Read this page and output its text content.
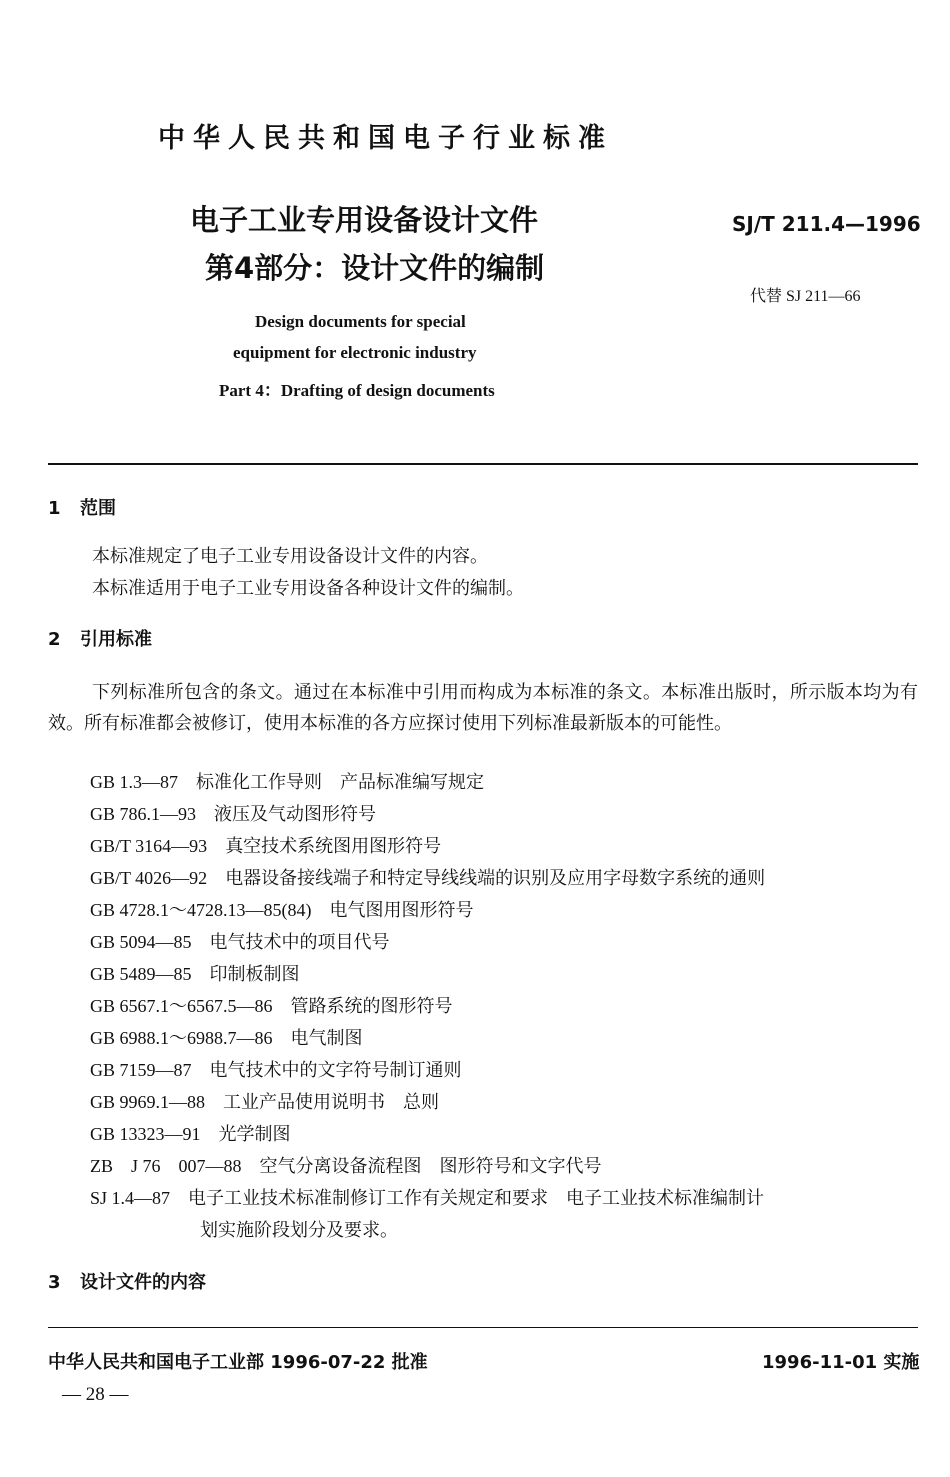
中华人民共和国电子行业标准
电子工业专用设备设计文件
第4部分：设计文件的编制
SJ/T 211.4—1996
代替 SJ 211—66
Design documents for special
equipment for electronic industry
Part 4：Drafting of design documents
1 范围
本标准规定了电子工业专用设备设计文件的内容。
本标准适用于电子工业专用设备各种设计文件的编制。
2 引用标准
下列标准所包含的条文。通过在本标准中引用而构成为本标准的条文。本标准出版时，所示版本均为有效。所有标准都会被修订，使用本标准的各方应探讨使用下列标准最新版本的可能性。
GB 1.3—87 标准化工作导则　产品标准编写规定
GB 786.1—93 液压及气动图形符号
GB/T 3164—93 真空技术系统图用图形符号
GB/T 4026—92 电器设备接线端子和特定导线线端的识别及应用字母数字系统的通则
GB 4728.1～4728.13—85(84) 电气图用图形符号
GB 5094—85 电气技术中的项目代号
GB 5489—85 印制板制图
GB 6567.1～6567.5—86 管路系统的图形符号
GB 6988.1～6988.7—86 电气制图
GB 7159—87 电气技术中的文字符号制订通则
GB 9969.1—88 工业产品使用说明书　总则
GB 13323—91 光学制图
ZB　J 76　007—88 空气分离设备流程图　图形符号和文字代号
SJ 1.4—87 电子工业技术标准制修订工作有关规定和要求　电子工业技术标准编制计
划实施阶段划分及要求。
3 设计文件的内容
中华人民共和国电子工业部 1996-07-22 批准	1996-11-01 实施
— 28 —
